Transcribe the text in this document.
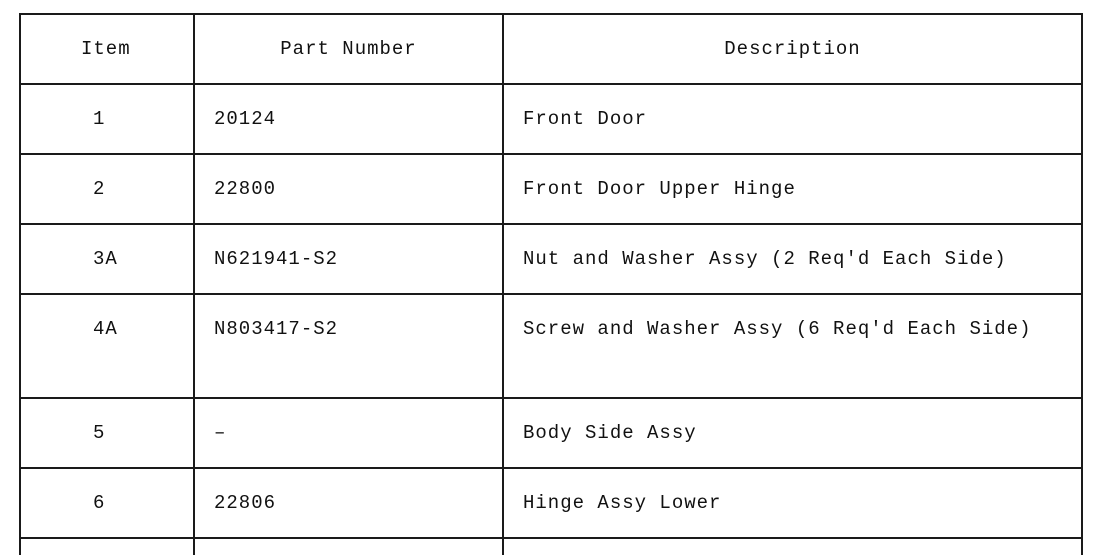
Item	Part Number	Description
1	20124	Front Door
2	22800	Front Door Upper Hinge
3A	N621941-S2	Nut and Washer Assy (2 Req'd Each Side)
4A	N803417-S2	Screw and Washer Assy (6 Req'd Each Side)
5	–	Body Side Assy
6	22806	Hinge Assy Lower
